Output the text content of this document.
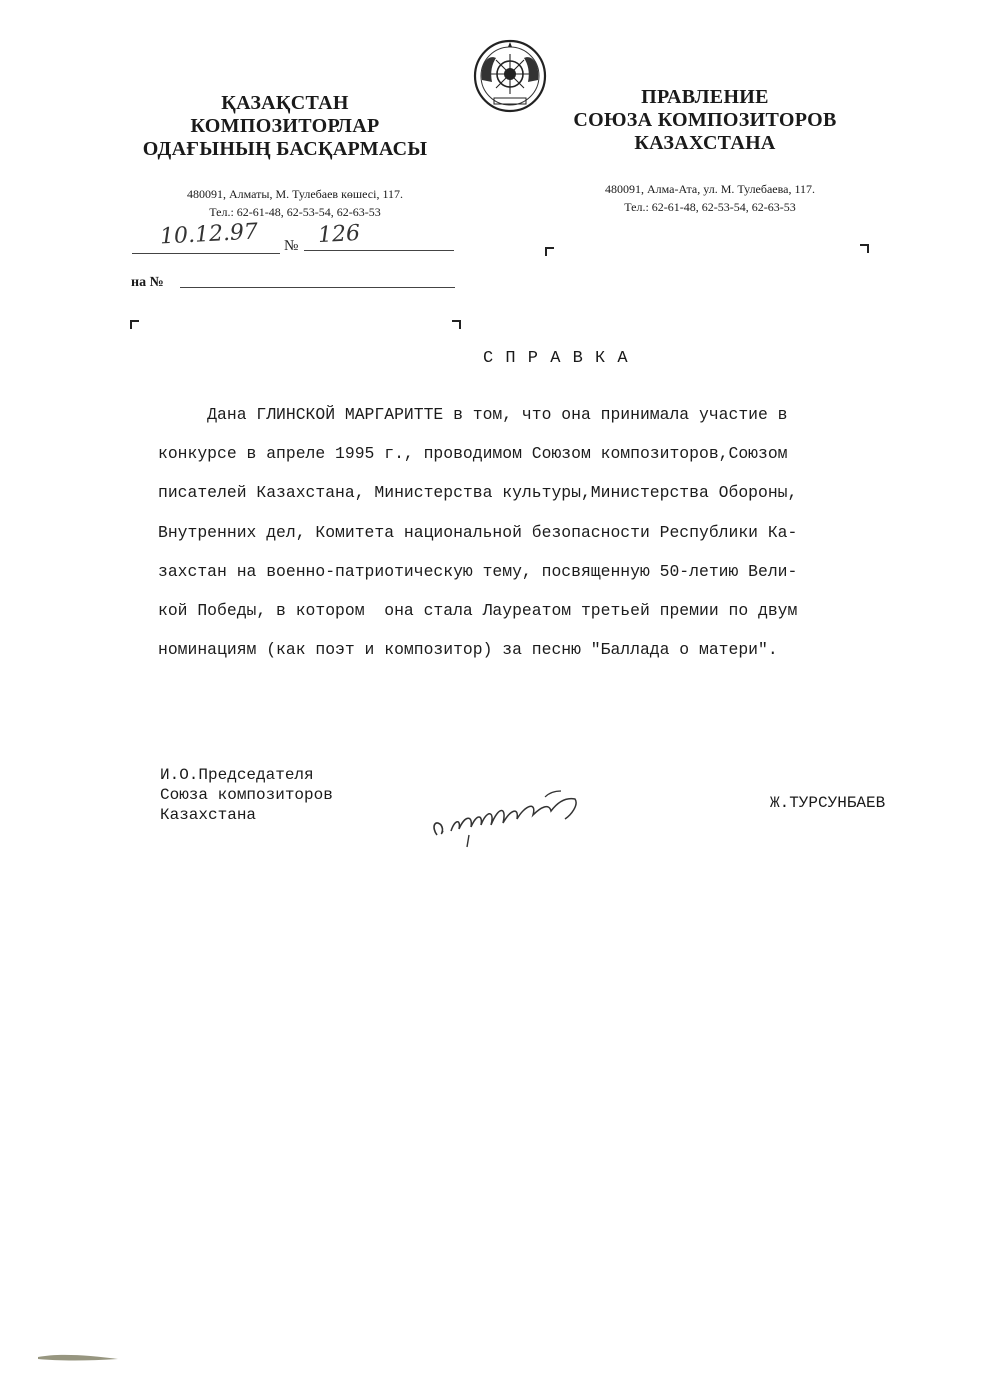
ҚАЗАҚСТАН
КОМПОЗИТОРЛАР
ОДАҒЫНЫҢ БАСҚАРМАСЫ
480091, Алматы, М. Тулебаев көшесі, 117.
Тел.: 62-61-48, 62-53-54, 62-63-53
ПРАВЛЕНИЕ
СОЮЗА КОМПОЗИТОРОВ
КАЗАХСТАНА
480091, Алма-Ата, ул. М. Тулебаева, 117.
Тел.: 62-61-48, 62-53-54, 62-63-53
10.12.97 № 126
на №
С П Р А В К А
Дана ГЛИНСКОЙ МАРГАРИТТЕ в том, что она принимала участие в
конкурсе в апреле 1995 г., проводимом Союзом композиторов,Союзом
писателей Казахстана, Министерства культуры,Министерства Обороны,
Внутренних дел, Комитета национальной безопасности Республики Ка-
захстан на военно-патриотическую тему, посвященную 50-летию Вели-
кой Победы, в котором  она стала Лауреатом третьей премии по двум
номинациям (как поэт и композитор) за песню "Баллада о матери".
И.О.Председателя
Союза композиторов
Казахстана
Ж.ТУРСУНБАЕВ
